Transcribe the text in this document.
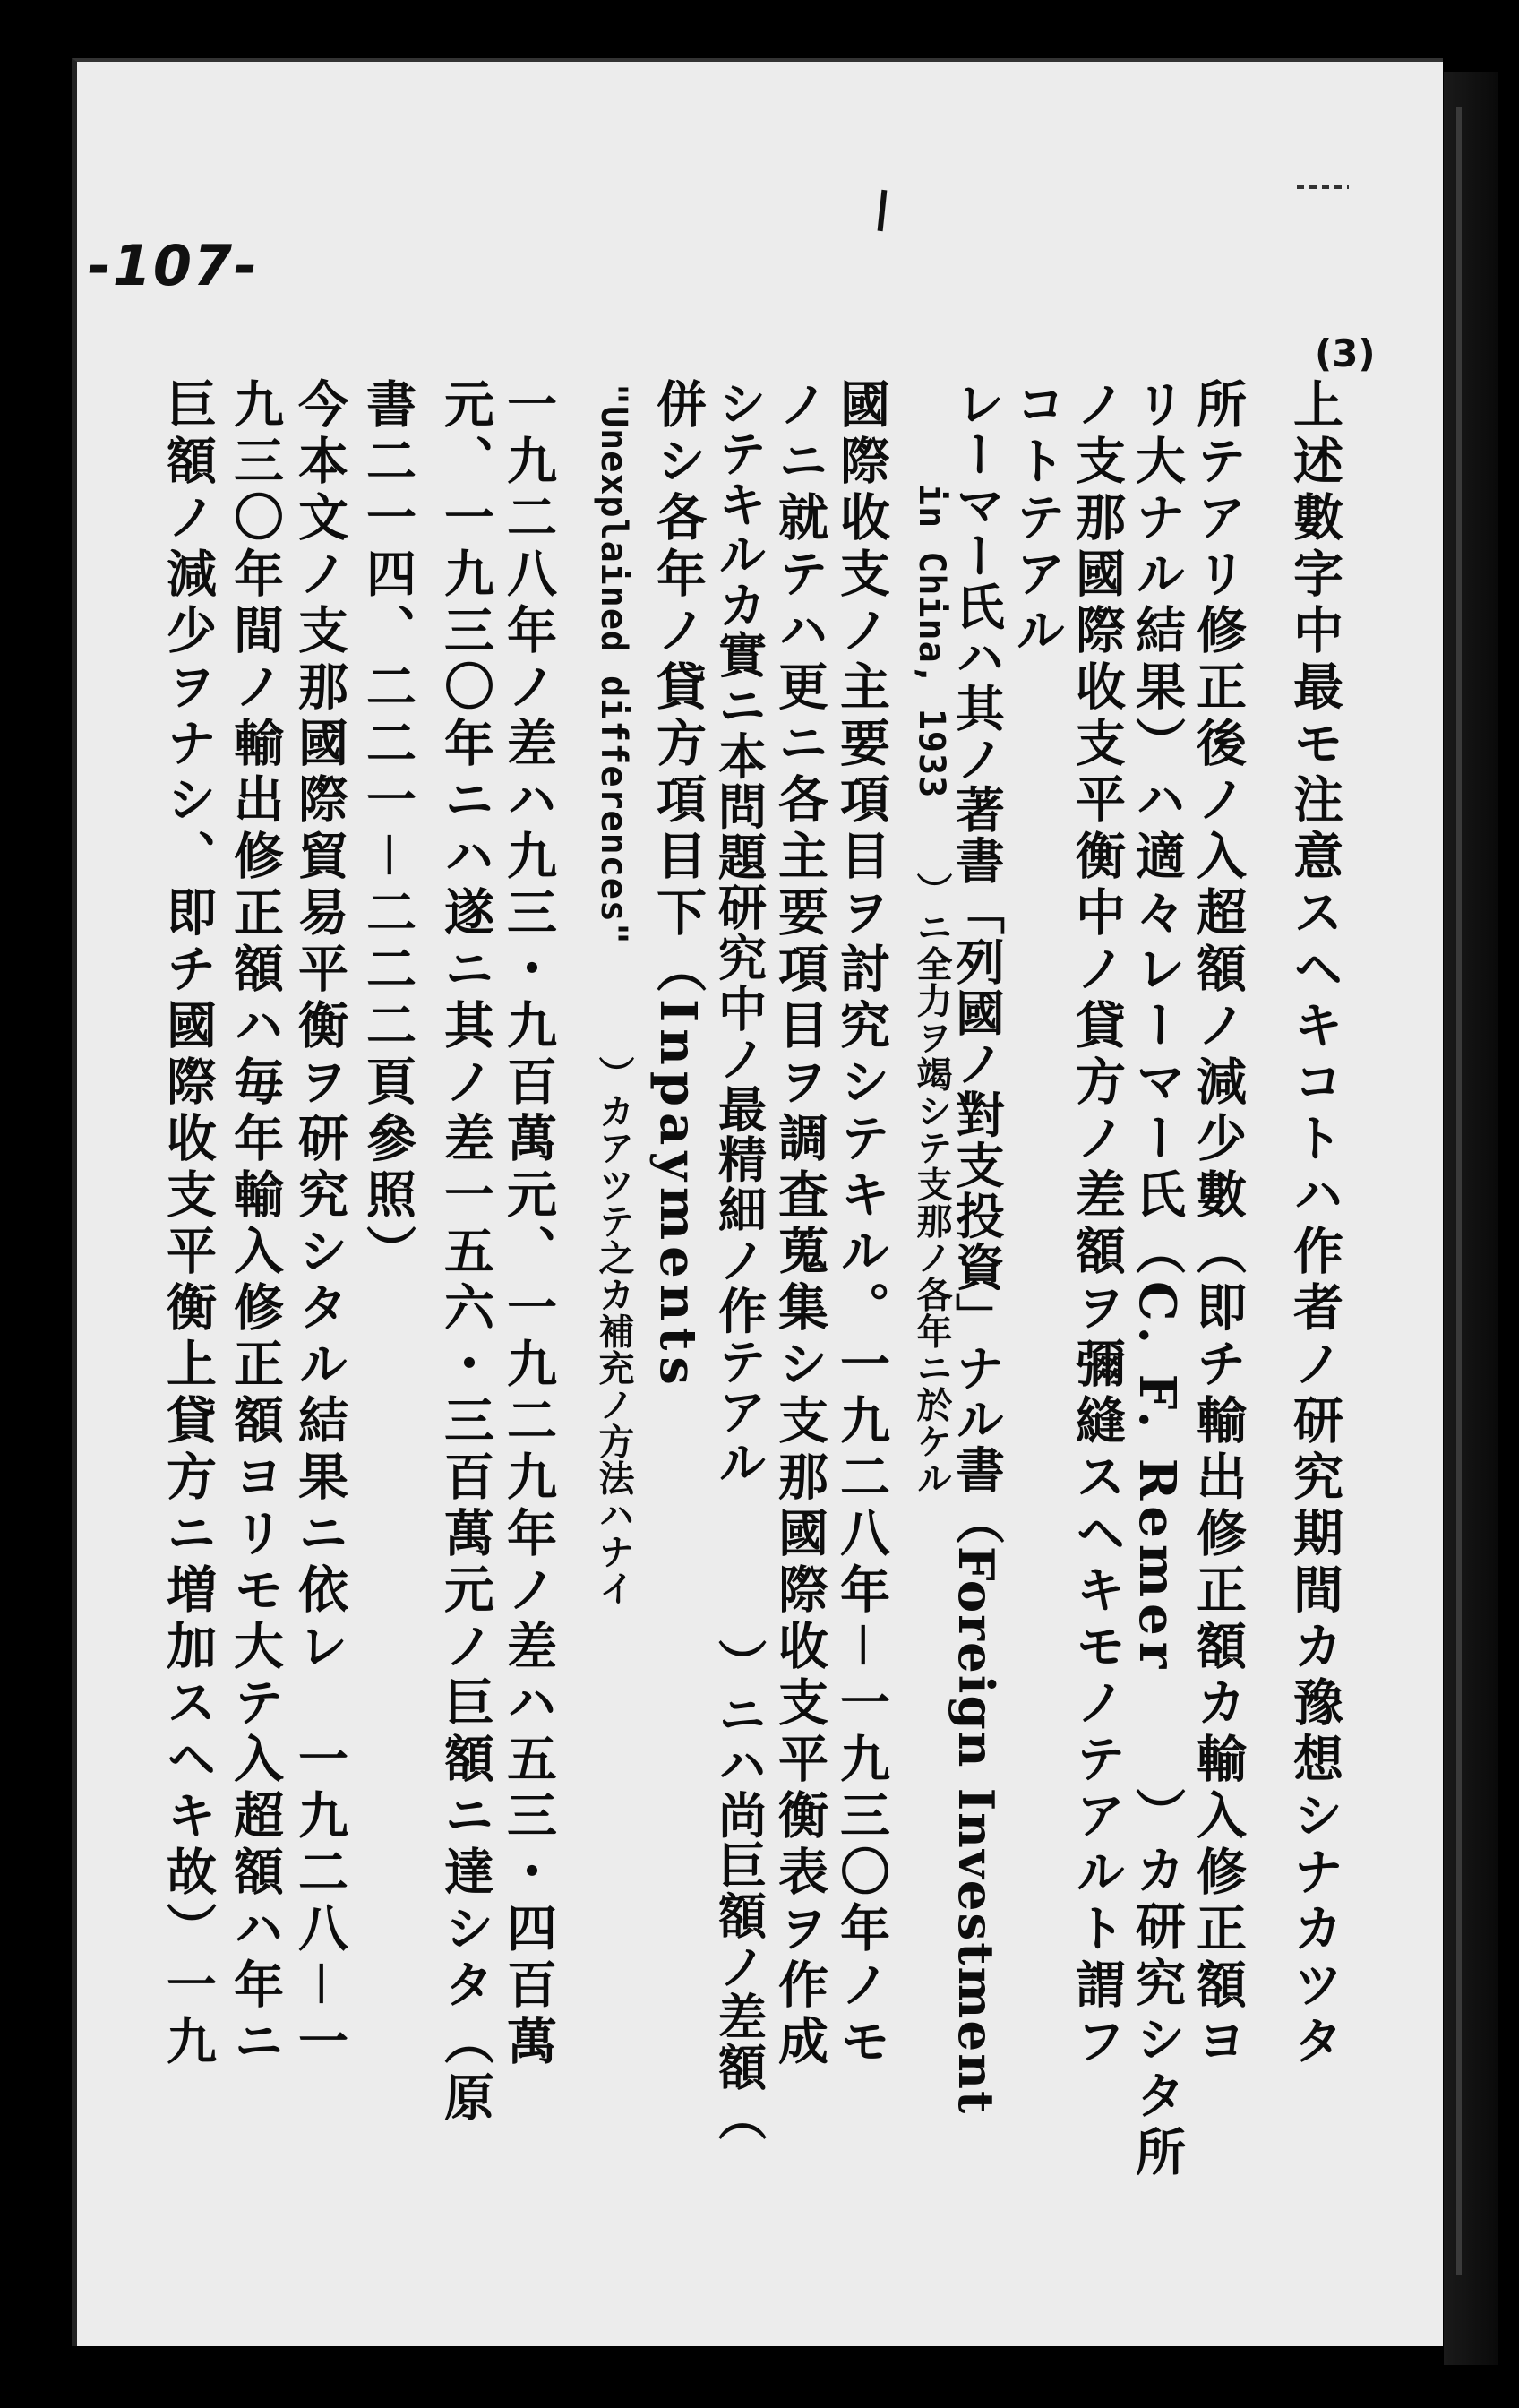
-107-
(3)
上述數字中最モ注意スヘキコトハ作者ノ研究期間カ豫想シナカツタ
所テアリ修正後ノ入超額ノ減少數（即チ輸出修正額カ輸入修正額ヨ
リ大ナル結果）ハ適々レーマー氏（C. F. Remer　　）カ研究シタ所
ノ支那國際收支平衡中ノ貸方ノ差額ヲ彌縫スヘキモノテアルト謂フ
コトテアル
レーマー氏ハ其ノ著書「列國ノ對支投資」ナル書（Foreign Investment
in China, 1933　　）ニ全力ヲ竭シテ支那ノ各年ニ於ケル
國際收支ノ主要項目ヲ討究シテキル。一九二八年－一九三〇年ノモ
ノニ就テハ更ニ各主要項目ヲ調査蒐集シ支那國際收支平衡表ヲ作成
シテキルカ實ニ本問題研究中ノ最精細ノ作テアル　　　）ニハ尚巨額ノ差額（
併シ各年ノ貸方項目下（Inpayments
"Unexplained differences"　　　）カアツテ之カ補充ノ方法ハナイ
一九二八年ノ差ハ九三・九百萬元、一九二九年ノ差ハ五三・四百萬
元、一九三〇年ニハ遂ニ其ノ差一五六・三百萬元ノ巨額ニ達シタ（原
書二一四、二二一－二二二頁參照）
今本文ノ支那國際貿易平衡ヲ研究シタル結果ニ依レ　一九二八－一
九三〇年間ノ輸出修正額ハ毎年輸入修正額ヨリモ大テ入超額ハ年ニ
巨額ノ減少ヲナシ、即チ國際收支平衡上貸方ニ増加スヘキ故）一九
